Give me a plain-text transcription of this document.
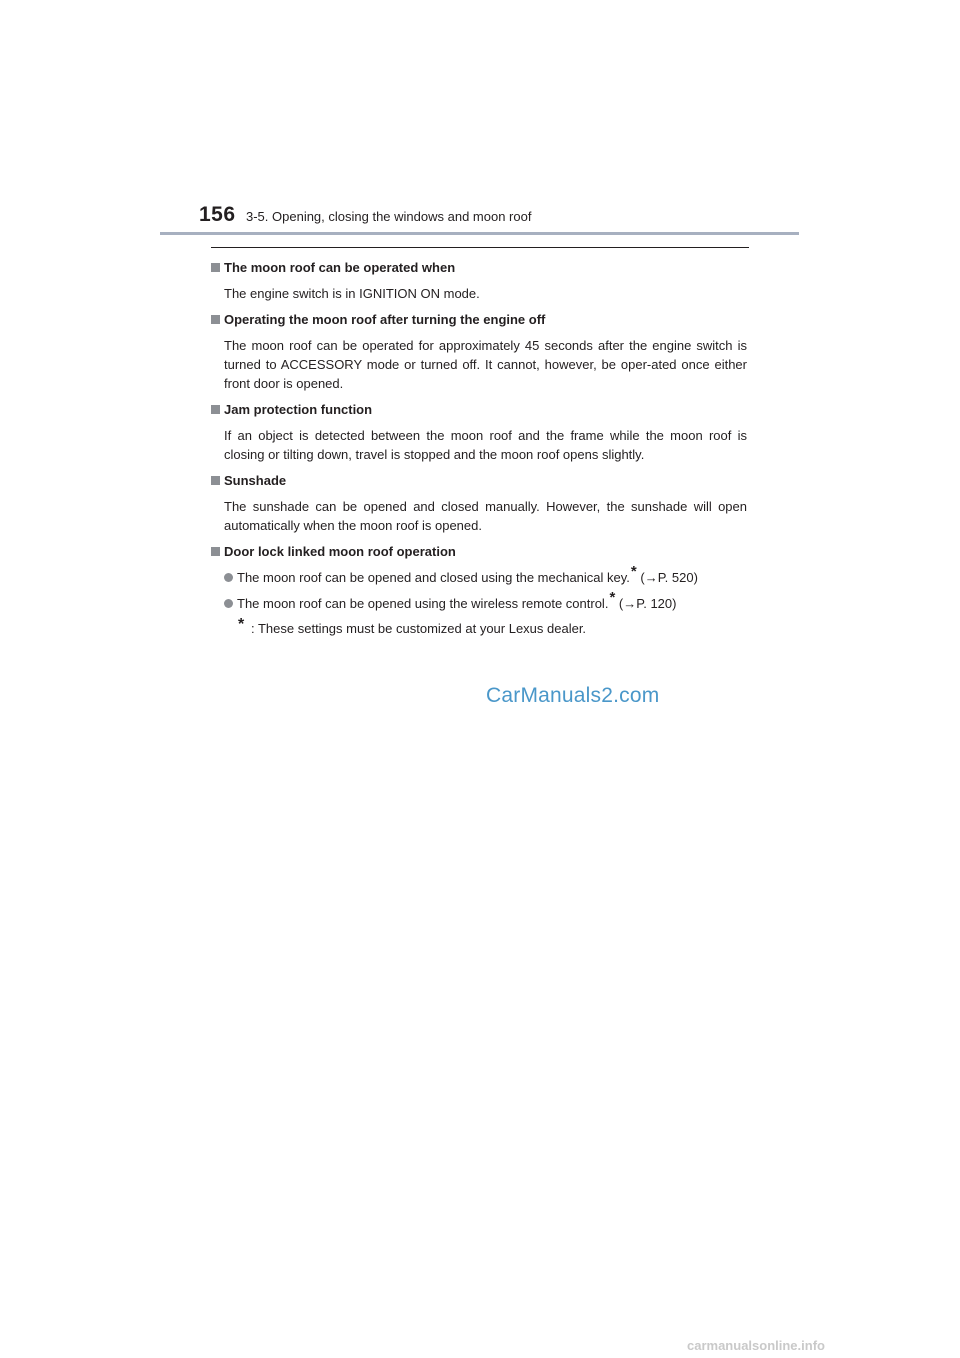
156 3-5. Opening, closing the windows and moon roof
The moon roof can be operated when
The engine switch is in IGNITION ON mode.
Operating the moon roof after turning the engine off
The moon roof can be operated for approximately 45 seconds after the engine switch is turned to ACCESSORY mode or turned off. It cannot, however, be oper-ated once either front door is opened.
Jam protection function
If an object is detected between the moon roof and the frame while the moon roof is closing or tilting down, travel is stopped and the moon roof opens slightly.
Sunshade
The sunshade can be opened and closed manually. However, the sunshade will open automatically when the moon roof is opened.
Door lock linked moon roof operation
The moon roof can be opened and closed using the mechanical key.* (→P. 520)
The moon roof can be opened using the wireless remote control.* (→P. 120)
* : These settings must be customized at your Lexus dealer.
CarManuals2.com
carmanualsonline.info
